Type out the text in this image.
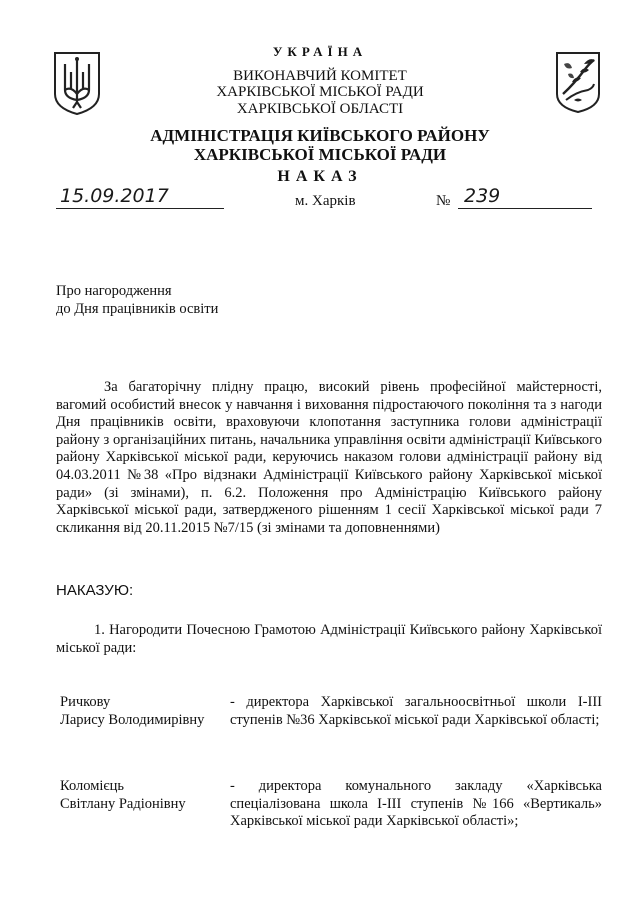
УКРАЇНА
ВИКОНАВЧИЙ КОМІТЕТ
ХАРКІВСЬКОЇ МІСЬКОЇ РАДИ
ХАРКІВСЬКОЇ ОБЛАСТІ
АДМІНІСТРАЦІЯ КИЇВСЬКОГО РАЙОНУ
ХАРКІВСЬКОЇ МІСЬКОЇ РАДИ
НАКАЗ
15.09.2017	м. Харків	№ 239
Про нагородження
до Дня працівників освіти

За багаторічну плідну працю, високий рівень професійної майстерності, вагомий особистий внесок у навчання і виховання підростаючого покоління та з нагоди Дня працівників освіти, враховуючи клопотання заступника голови адміністрації району з організаційних питань, начальника управління освіти адміністрації Київського району Харківської міської ради, керуючись наказом голови адміністрації району від 04.03.2011 №38 «Про відзнаки Адміністрації Київського району Харківської міської ради» (зі змінами), п. 6.2. Положення про Адміністрацію Київського району Харківської міської ради, затвердженого рішенням 1 сесії Харківської міської ради 7 скликання від 20.11.2015 №7/15 (зі змінами та доповненнями)

НАКАЗУЮ:

1. Нагородити Почесною Грамотою Адміністрації Київського району Харківської міської ради:

Ричкову
Ларису Володимирівну
- директора Харківської загальноосвітньої школи І-ІІІ ступенів №36 Харківської міської ради Харківської області;
Коломієць
Світлану Радіонівну
- директора комунального закладу «Харківська спеціалізована школа І-ІІІ ступенів №166 «Вертикаль» Харківської міської ради Харківської області»;
